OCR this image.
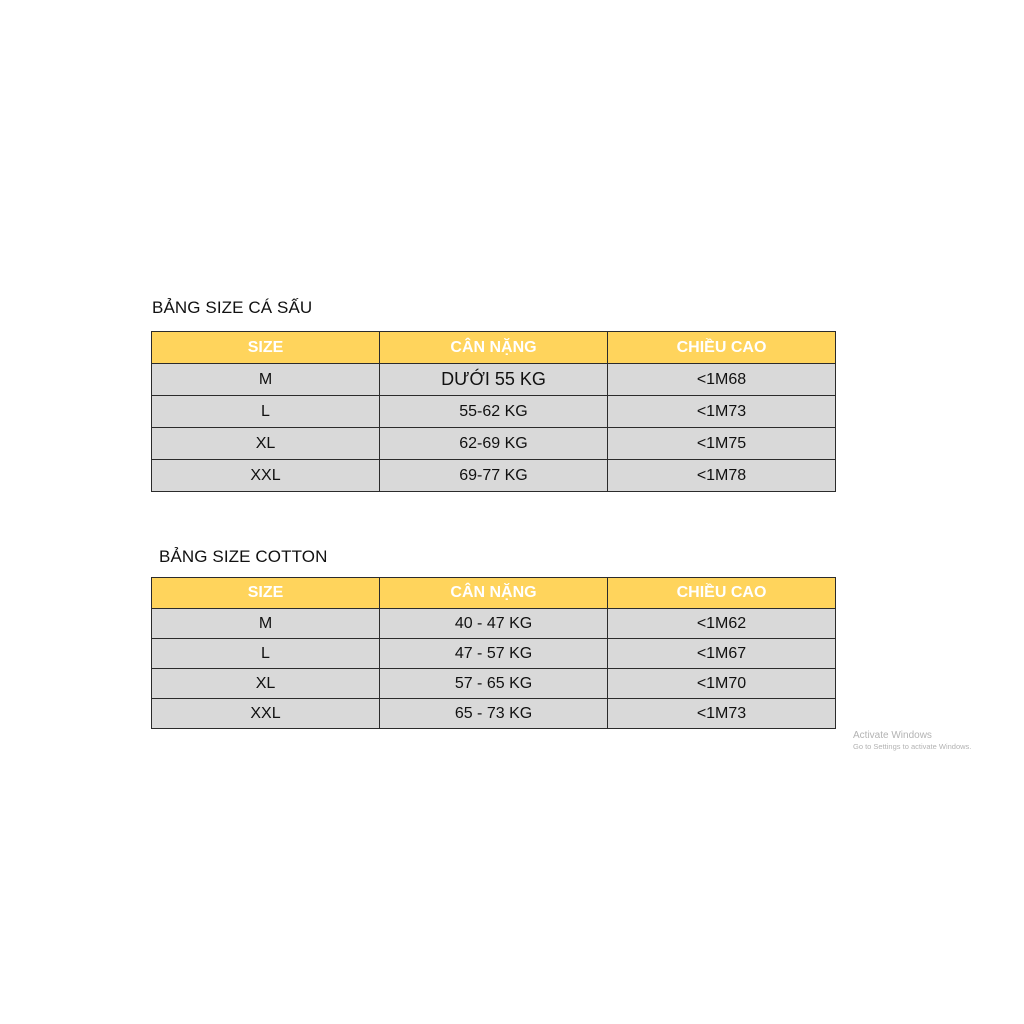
BẢNG SIZE CÁ SẤU
SIZE	CÂN NẶNG	CHIỀU CAO
M	DƯỚI 55 KG	<1M68
L	55-62 KG	<1M73
XL	62-69 KG	<1M75
XXL	69-77 KG	<1M78
BẢNG SIZE COTTON
SIZE	CÂN NẶNG	CHIỀU CAO
M	40 - 47 KG	<1M62
L	47 - 57 KG	<1M67
XL	57 - 65 KG	<1M70
XXL	65 - 73 KG	<1M73
Activate Windows
Go to Settings to activate Windows.
